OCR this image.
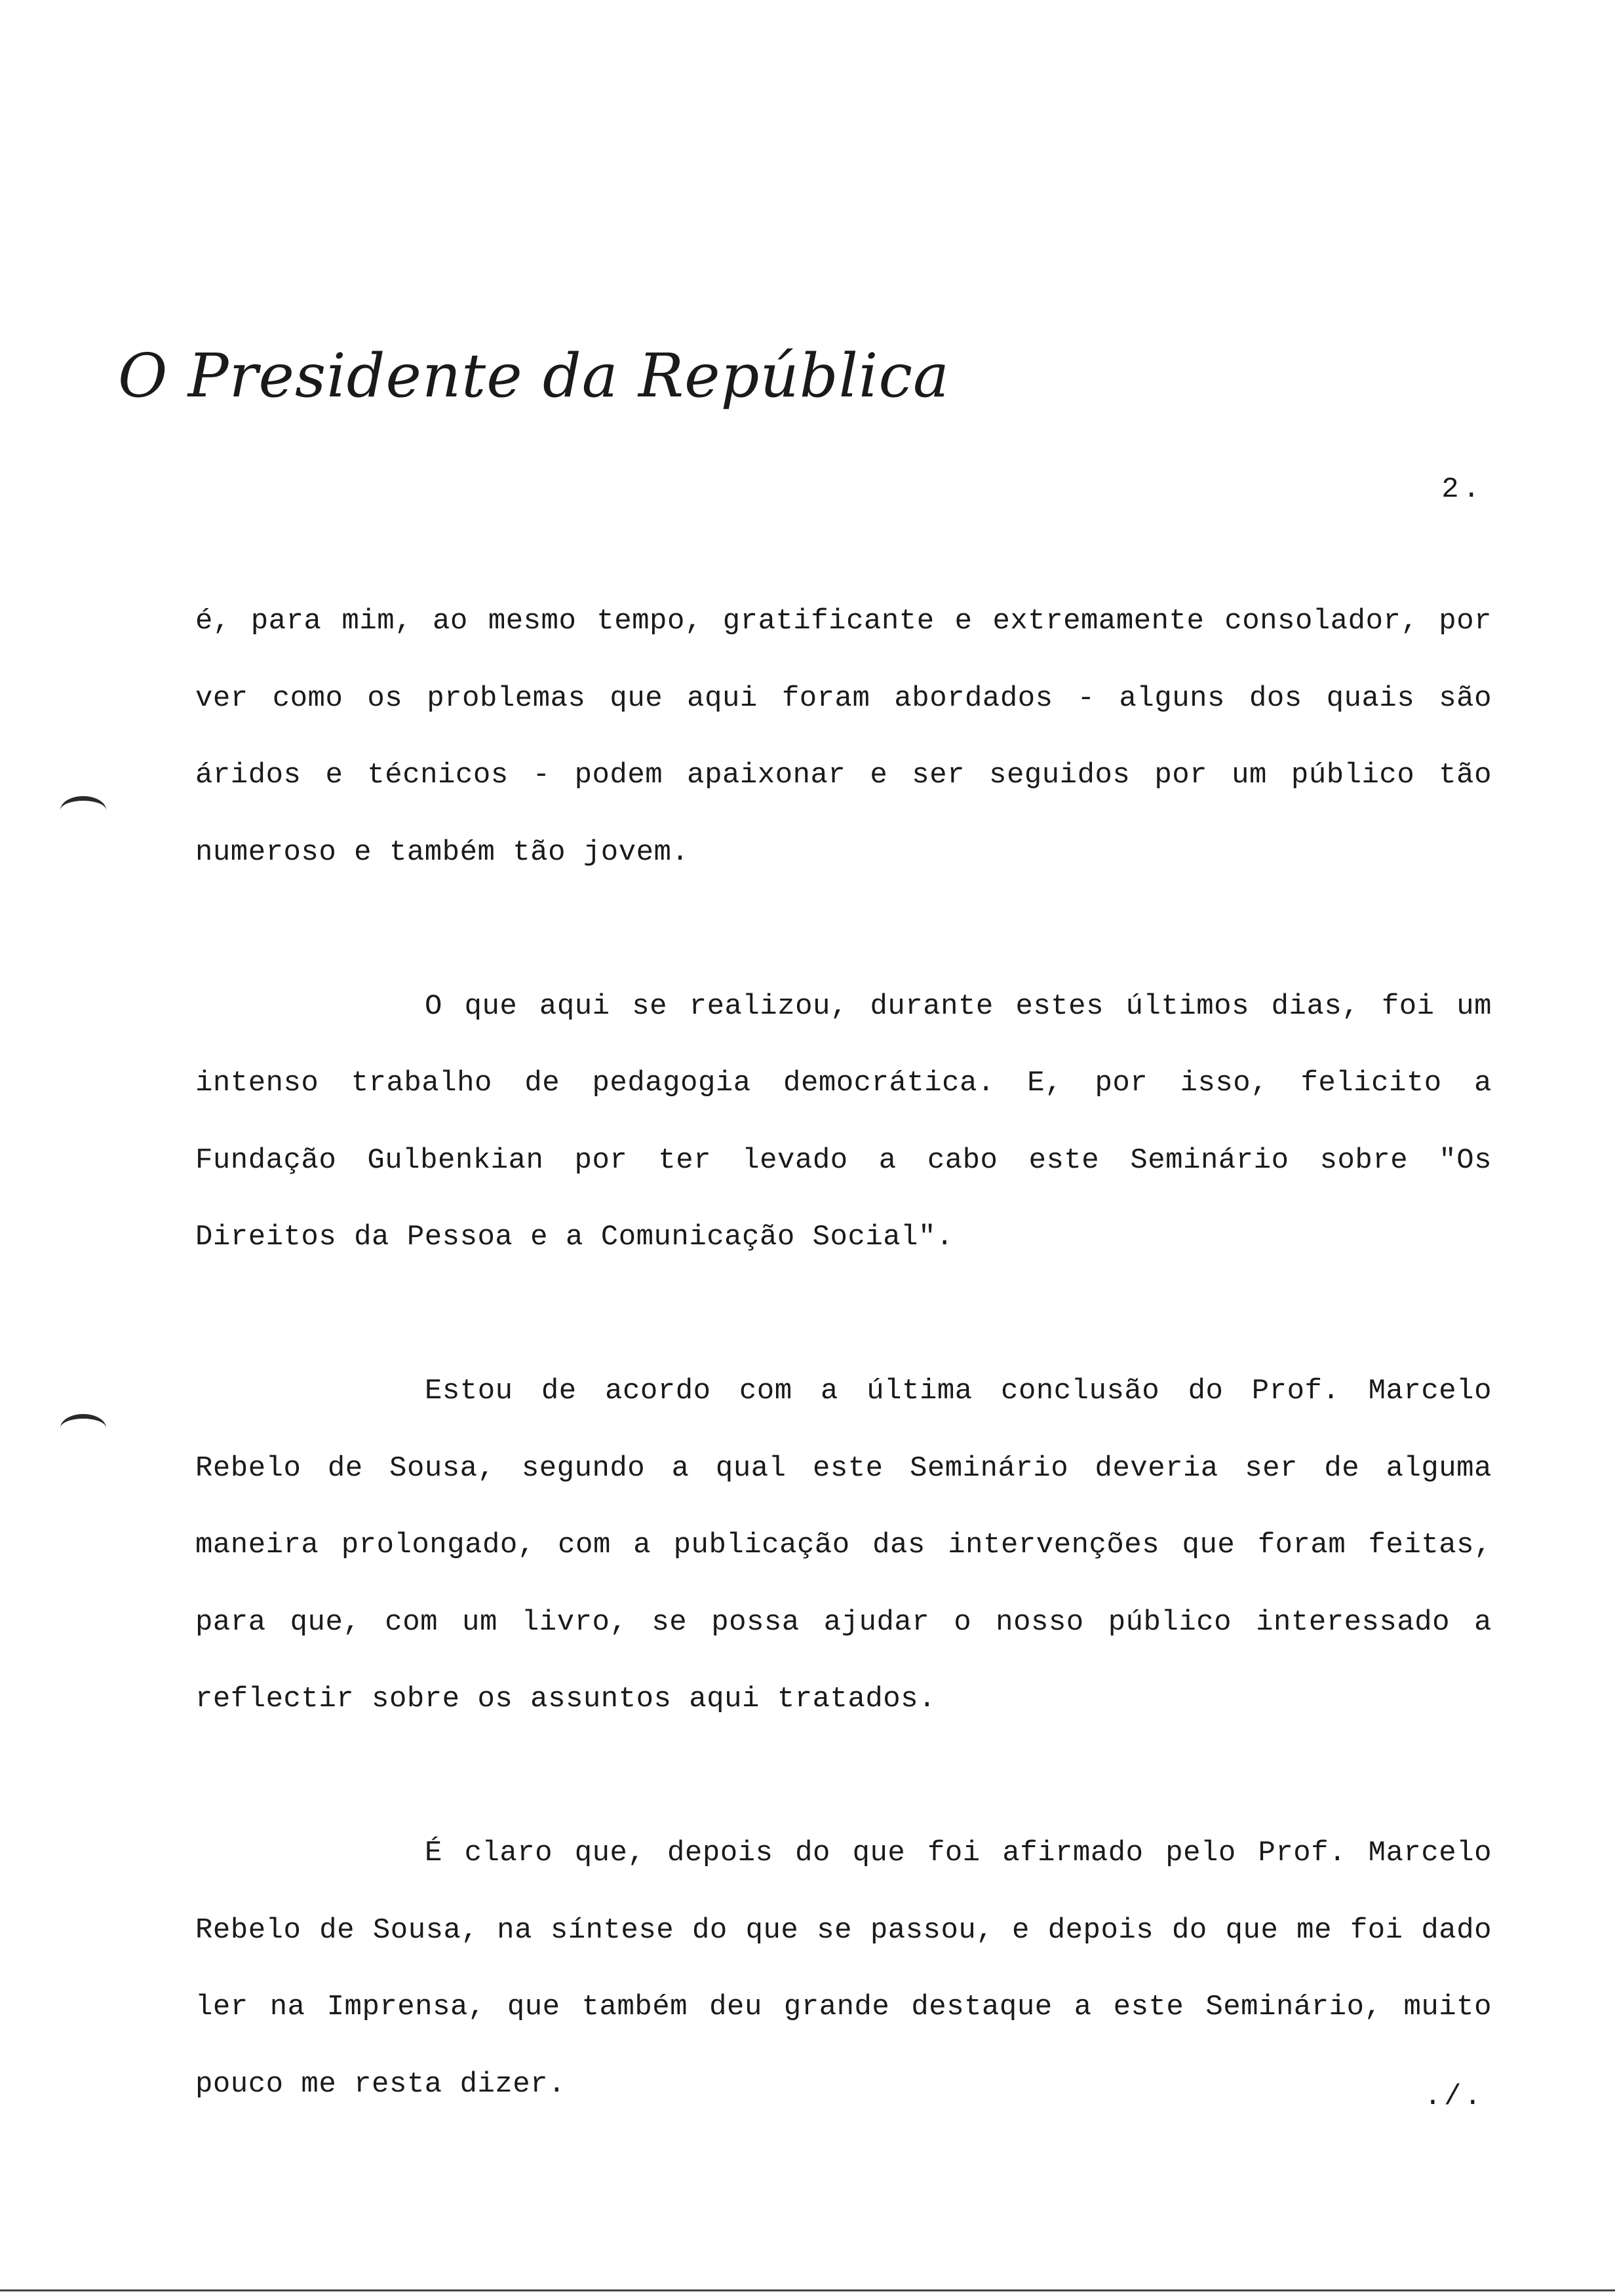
O Presidente da República
2.

é, para mim, ao mesmo tempo, gratificante e extremamente consolador, por ver como os problemas que aqui foram abordados - alguns dos quais são áridos e técnicos - podem apaixonar e ser seguidos por um público tão numeroso e também tão jovem.

O que aqui se realizou, durante estes últimos dias, foi um intenso trabalho de pedagogia democrática. E, por isso, felicito a Fundação Gulbenkian por ter levado a cabo este Seminário sobre "Os Direitos da Pessoa e a Comunicação Social".

Estou de acordo com a última conclusão do Prof. Marcelo Rebelo de Sousa, segundo a qual este Seminário deveria ser de alguma maneira prolongado, com a publicação das intervenções que foram feitas, para que, com um livro, se possa ajudar o nosso público interessado a reflectir sobre os assuntos aqui tratados.

É claro que, depois do que foi afirmado pelo Prof. Marcelo Rebelo de Sousa, na síntese do que se passou, e depois do que me foi dado ler na Imprensa, que também deu grande destaque a este Seminário, muito pouco me resta dizer.	./.
